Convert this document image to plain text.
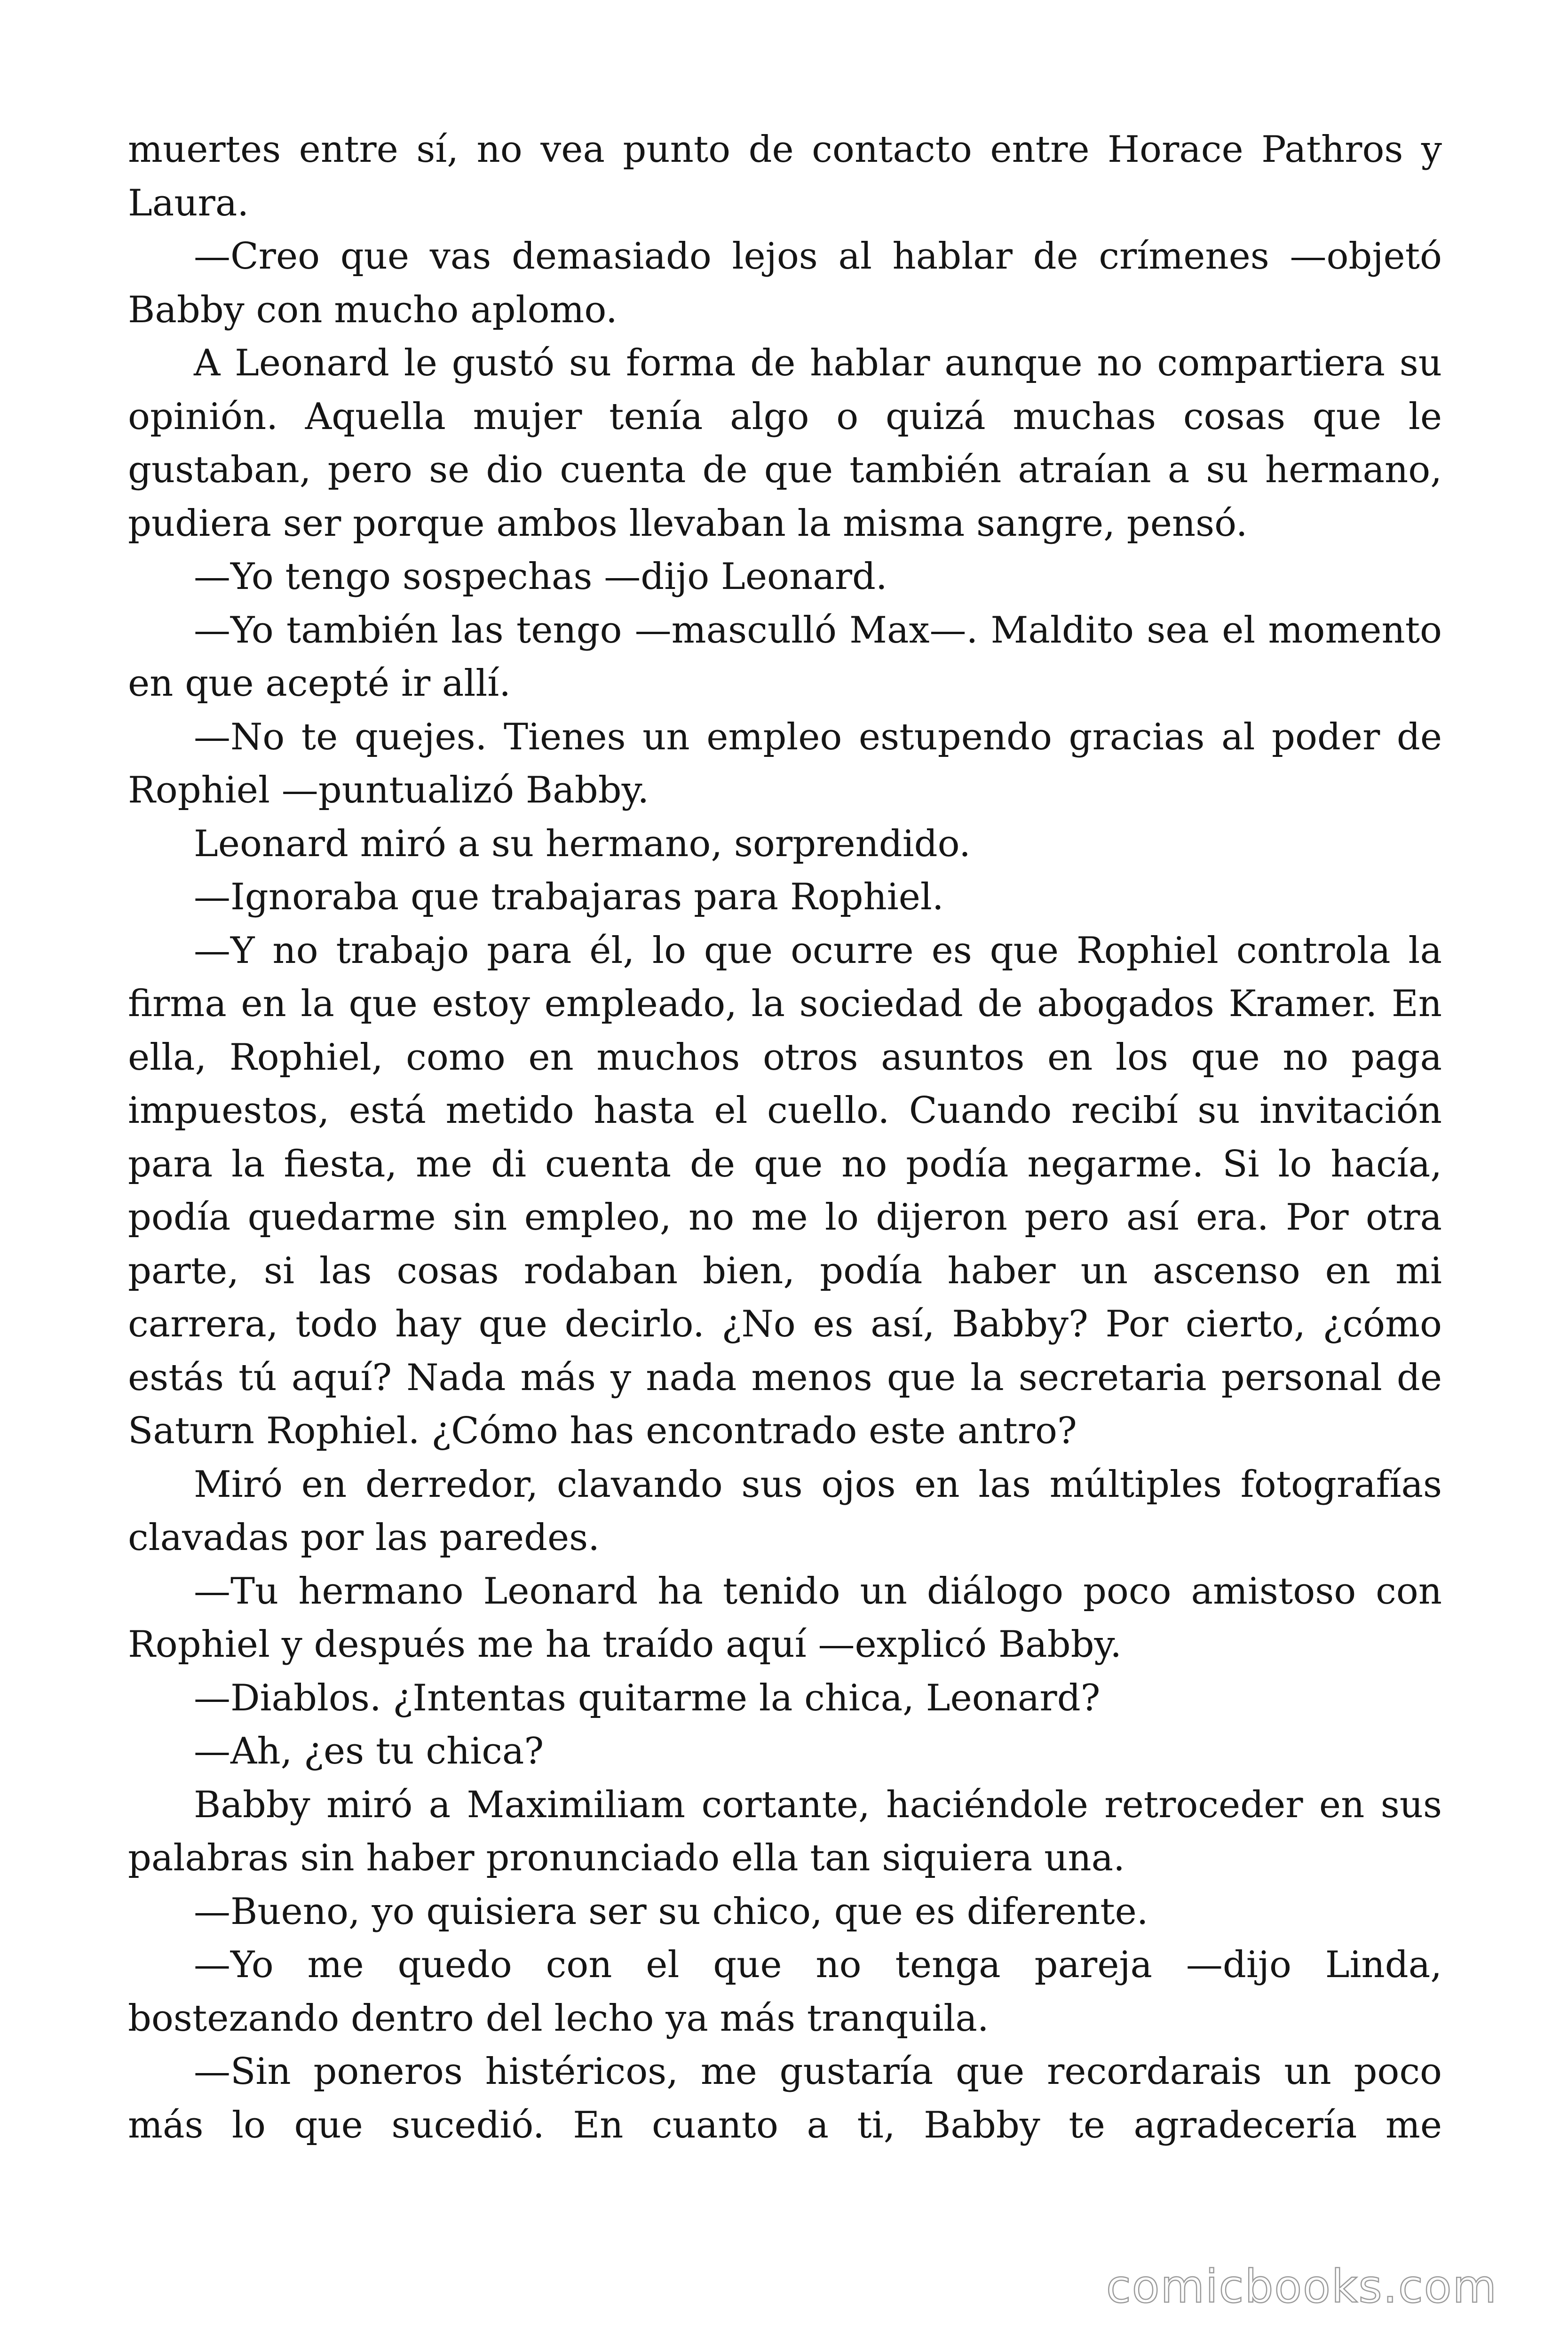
muertes entre sí, no vea punto de contacto entre Horace Pathros y Laura.

—Creo que vas demasiado lejos al hablar de crímenes —objetó Babby con mucho aplomo.

A Leonard le gustó su forma de hablar aunque no compartiera su opinión. Aquella mujer tenía algo o quizá muchas cosas que le gustaban, pero se dio cuenta de que también atraían a su hermano, pudiera ser porque ambos llevaban la misma sangre, pensó.

—Yo tengo sospechas —dijo Leonard.

—Yo también las tengo —masculló Max—. Maldito sea el momento en que acepté ir allí.

—No te quejes. Tienes un empleo estupendo gracias al poder de Rophiel —puntualizó Babby.

Leonard miró a su hermano, sorprendido.

—Ignoraba que trabajaras para Rophiel.

—Y no trabajo para él, lo que ocurre es que Rophiel controla la firma en la que estoy empleado, la sociedad de abogados Kramer. En ella, Rophiel, como en muchos otros asuntos en los que no paga impuestos, está metido hasta el cuello. Cuando recibí su invitación para la fiesta, me di cuenta de que no podía negarme. Si lo hacía, podía quedarme sin empleo, no me lo dijeron pero así era. Por otra parte, si las cosas rodaban bien, podía haber un ascenso en mi carrera, todo hay que decirlo. ¿No es así, Babby? Por cierto, ¿cómo estás tú aquí? Nada más y nada menos que la secretaria personal de Saturn Rophiel. ¿Cómo has encontrado este antro?

Miró en derredor, clavando sus ojos en las múltiples fotografías clavadas por las paredes.

—Tu hermano Leonard ha tenido un diálogo poco amistoso con Rophiel y después me ha traído aquí —explicó Babby.

—Diablos. ¿Intentas quitarme la chica, Leonard?

—Ah, ¿es tu chica?

Babby miró a Maximiliam cortante, haciéndole retroceder en sus palabras sin haber pronunciado ella tan siquiera una.

—Bueno, yo quisiera ser su chico, que es diferente.

—Yo me quedo con el que no tenga pareja —dijo Linda, bostezando dentro del lecho ya más tranquila.

—Sin poneros histéricos, me gustaría que recordarais un poco más lo que sucedió. En cuanto a ti, Babby te agradecería me

comicbooks.com
